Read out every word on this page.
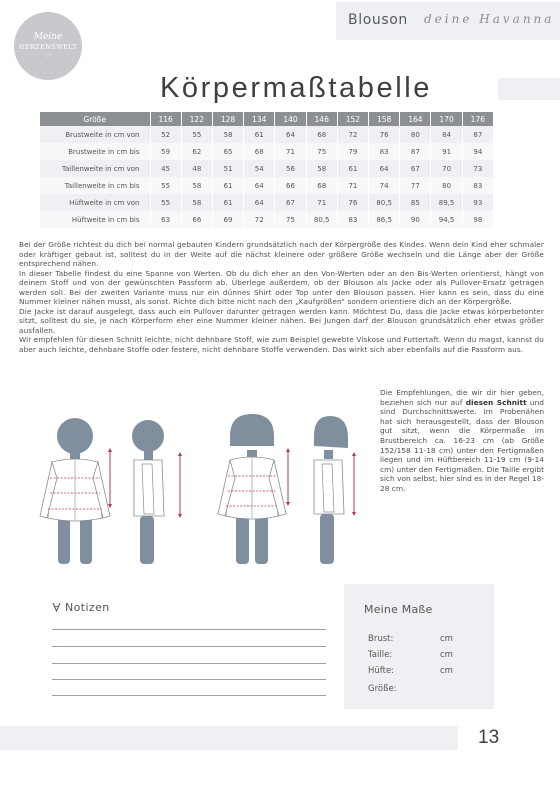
Meine
HERZENSWELT
♡
Blouson deine Havanna
Körpermaßtabelle
Größe	116	122	128	134	140	146	152	158	164	170	176
Brustweite in cm von	52	55	58	61	64	68	72	76	80	84	87
Brustweite in cm bis	59	62	65	68	71	75	79	83	87	91	94
Taillenweite in cm von	45	48	51	54	56	58	61	64	67	70	73
Taillenweite in cm bis	55	58	61	64	66	68	71	74	77	80	83
Hüftweite in cm von	55	58	61	64	67	71	76	80,5	85	89,5	93
Hüftweite in cm bis	63	66	69	72	75	80,5	83	86,5	90	94,5	98

Bei der Größe richtest du dich bei normal gebauten Kindern grundsätzlich nach der Körpergröße des Kindes. Wenn dein Kind eher schmaler oder kräftiger gebaut ist, solltest du in der Weite auf die nächst kleinere oder größere Größe wechseln und die Länge aber der Größe entsprechend nähen.

In dieser Tabelle findest du eine Spanne von Werten. Ob du dich eher an den Von-Werten oder an den Bis-Werten orientierst, hängt von deinem Stoff und von der gewünschten Passform ab. Überlege außerdem, ob der Blouson als Jacke oder als Pullover-Ersatz getragen werden soll. Bei der zweiten Variante muss nur ein dünnes Shirt oder Top unter den Blouson passen. Hier kann es sein, dass du eine Nummer kleiner nähen musst, als sonst. Richte dich bitte nicht nach den „Kaufgrößen“ sondern orientiere dich an der Körpergröße.

Die Jacke ist darauf ausgelegt, dass auch ein Pullover darunter getragen werden kann. Möchtest Du, dass die Jacke etwas körperbetonter sitzt, solltest du sie, je nach Körperform eher eine Nummer kleiner nähen. Bei Jungen darf der Blouson grundsätzlich eher etwas größer ausfallen.

Wir empfehlen für diesen Schnitt leichte, nicht dehnbare Stoff, wie zum Beispiel gewebte Viskose und Futtertaft. Wenn du magst, kannst du aber auch leichte, dehnbare Stoffe oder festere, nicht dehnbare Stoffe verwenden. Das wirkt sich aber ebenfalls auf die Passform aus.

Die Empfehlungen, die wir dir hier geben, beziehen sich nur auf diesen Schnitt und sind Durchschnittswerte. Im Probenähen hat sich herausgestellt, dass der Blouson gut sitzt, wenn die Körpermaße im Brustbereich ca. 16-23 cm (ab Größe 152/158 11-18 cm) unter den Fertigmaßen liegen und im Hüftbereich 11-19 cm (9-14 cm) unter den Fertigmaßen. Die Taille ergibt sich von selbst, hier sind es in der Regel 18-28 cm.

Notizen	Meine Maße
Brust:	cm
Taille:	cm
Hüfte:	cm
Größe:
13
